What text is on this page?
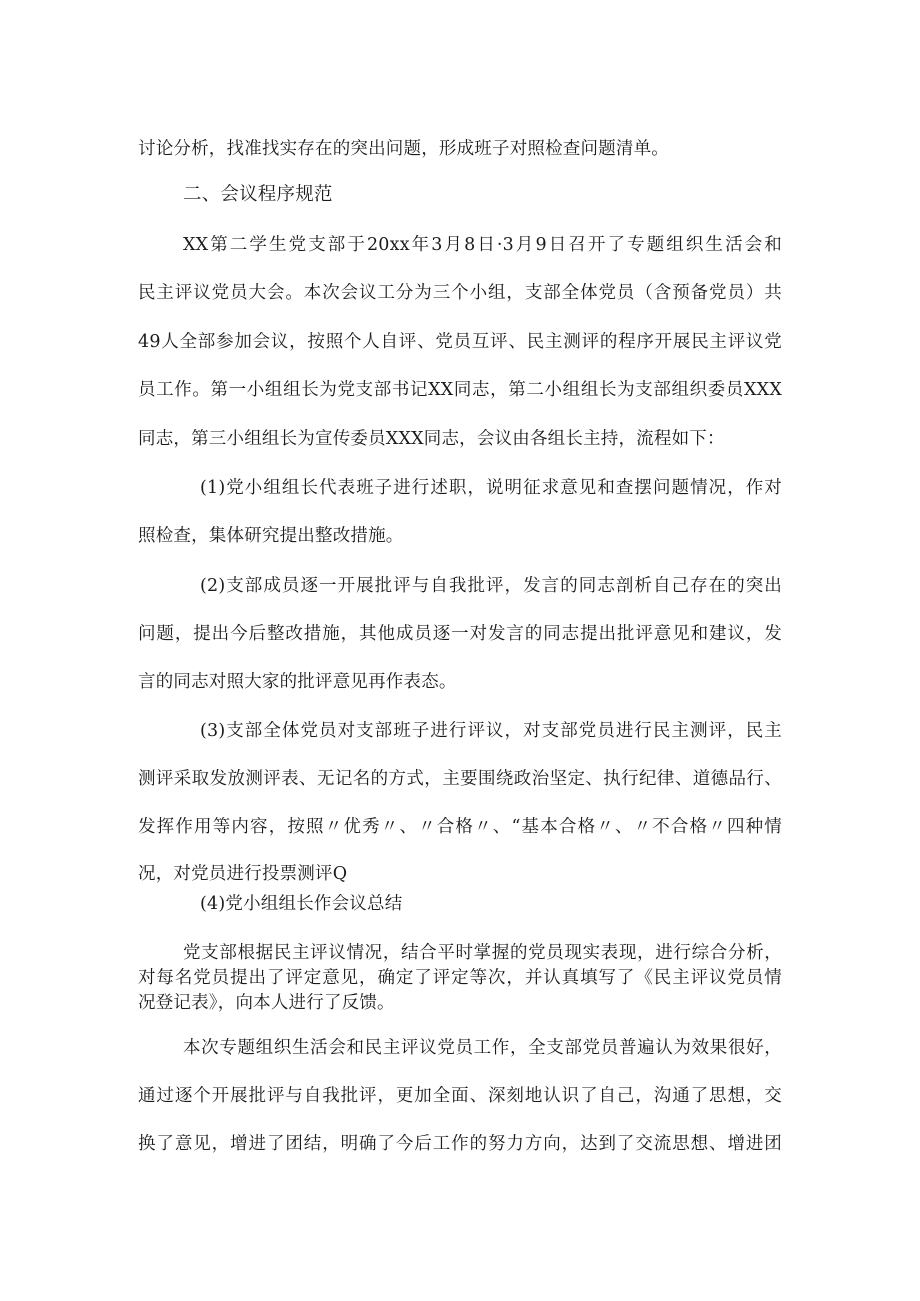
讨论分析，找准找实存在的突出问题，形成班子对照检查问题清单。
二、会议程序规范
XX第二学生党支部于20xx年3月8日·3月9日召开了专题组织生活会和
民主评议党员大会。本次会议工分为三个小组，支部全体党员（含预备党员）共
49人全部参加会议，按照个人自评、党员互评、民主测评的程序开展民主评议党
员工作。第一小组组长为党支部书记XX同志，第二小组组长为支部组织委员XXX
同志，第三小组组长为宣传委员XXX同志，会议由各组长主持，流程如下：
(1)党小组组长代表班子进行述职，说明征求意见和查摆问题情况，作对
照检查，集体研究提出整改措施。
(2)支部成员逐一开展批评与自我批评，发言的同志剖析自己存在的突出
问题，提出今后整改措施，其他成员逐一对发言的同志提出批评意见和建议，发
言的同志对照大家的批评意见再作表态。
(3)支部全体党员对支部班子进行评议，对支部党员进行民主测评，民主
测评采取发放测评表、无记名的方式，主要围绕政治坚定、执行纪律、道德品行、
发挥作用等内容，按照〃优秀〃、〃合格〃、“基本合格〃、〃不合格〃四种情
况，对党员进行投票测评Q
(4)党小组组长作会议总结
党支部根据民主评议情况，结合平时掌握的党员现实表现，进行综合分析，
对每名党员提出了评定意见，确定了评定等次，并认真填写了《民主评议党员情
况登记表》，向本人进行了反馈。
本次专题组织生活会和民主评议党员工作，全支部党员普遍认为效果很好，
通过逐个开展批评与自我批评，更加全面、深刻地认识了自己，沟通了思想，交
换了意见，增进了团结，明确了今后工作的努力方向，达到了交流思想、增进团
